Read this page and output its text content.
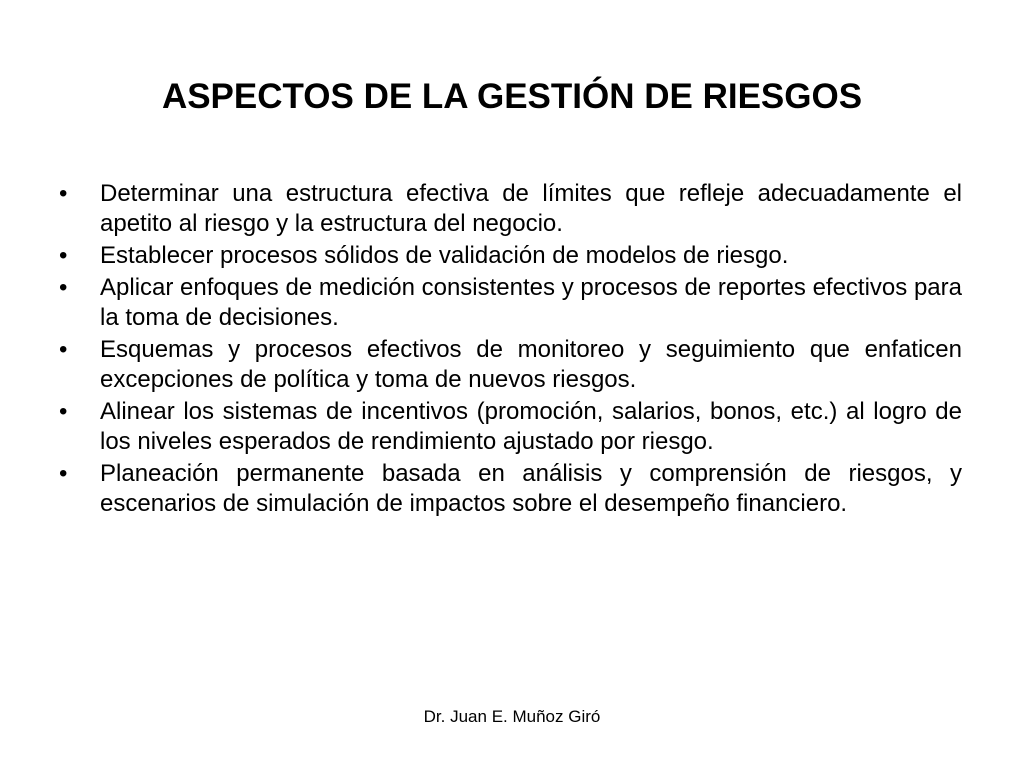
ASPECTOS DE LA GESTIÓN DE RIESGOS
•	Determinar una estructura efectiva de límites que refleje adecuadamente el apetito al riesgo y la estructura del negocio.
•	Establecer procesos sólidos de validación de modelos de riesgo.
•	Aplicar enfoques de medición consistentes y procesos de reportes efectivos para la toma de decisiones.
•	Esquemas y procesos efectivos de monitoreo y seguimiento que enfaticen excepciones de política y toma de nuevos riesgos.
•	Alinear los sistemas de incentivos (promoción, salarios, bonos, etc.) al logro de los niveles esperados de rendimiento ajustado por riesgo.
•	Planeación permanente basada en análisis y comprensión de riesgos, y escenarios de simulación de impactos sobre el desempeño financiero.
Dr. Juan E. Muñoz Giró
